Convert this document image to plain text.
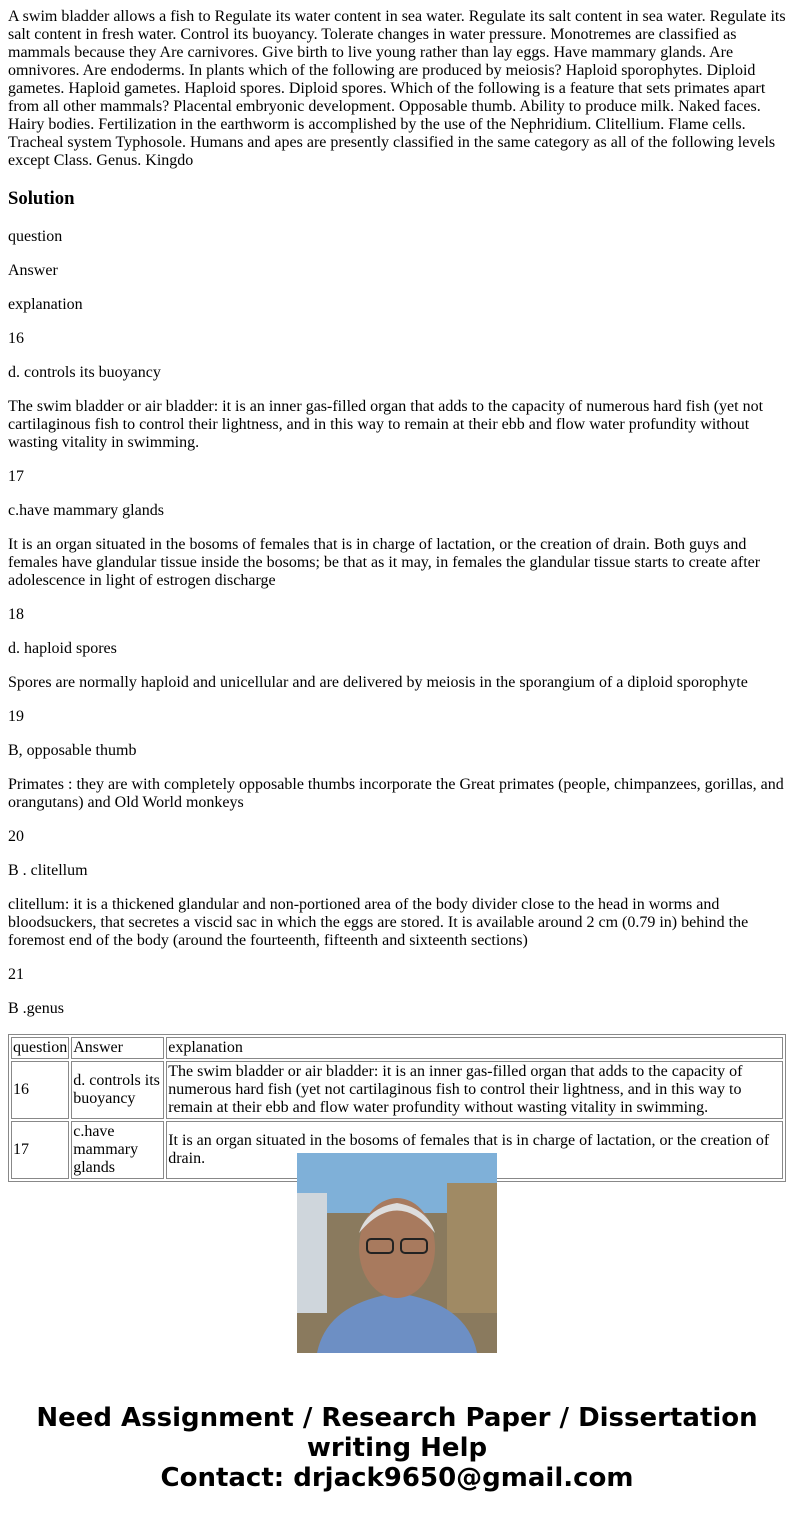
A swim bladder allows a fish to Regulate its water content in sea water. Regulate its salt content in sea water. Regulate its salt content in fresh water. Control its buoyancy. Tolerate changes in water pressure. Monotremes are classified as mammals because they Are carnivores. Give birth to live young rather than lay eggs. Have mammary glands. Are omnivores. Are endoderms. In plants which of the following are produced by meiosis? Haploid sporophytes. Diploid gametes. Haploid gametes. Haploid spores. Diploid spores. Which of the following is a feature that sets primates apart from all other mammals? Placental embryonic development. Opposable thumb. Ability to produce milk. Naked faces. Hairy bodies. Fertilization in the earthworm is accomplished by the use of the Nephridium. Clitellium. Flame cells. Tracheal system Typhosole. Humans and apes are presently classified in the same category as all of the following levels except Class. Genus. Kingdo

Solution

question

Answer

explanation

16

d. controls its buoyancy

The swim bladder or air bladder: it is an inner gas-filled organ that adds to the capacity of numerous hard fish (yet not cartilaginous fish to control their lightness, and in this way to remain at their ebb and flow water profundity without wasting vitality in swimming.

17

c.have mammary glands

It is an organ situated in the bosoms of females that is in charge of lactation, or the creation of drain. Both guys and females have glandular tissue inside the bosoms; be that as it may, in females the glandular tissue starts to create after adolescence in light of estrogen discharge

18

d. haploid spores

Spores are normally haploid and unicellular and are delivered by meiosis in the sporangium of a diploid sporophyte

19

B, opposable thumb

Primates : they are with completely opposable thumbs incorporate the Great primates (people, chimpanzees, gorillas, and orangutans) and Old World monkeys

20

B . clitellum

clitellum: it is a thickened glandular and non-portioned area of the body divider close to the head in worms and bloodsuckers, that secretes a viscid sac in which the eggs are stored. It is available around 2 cm (0.79 in) behind the foremost end of the body (around the fourteenth, fifteenth and sixteenth sections)

21

B .genus

question	Answer	explanation
16	d. controls its buoyancy	The swim bladder or air bladder: it is an inner gas-filled organ that adds to the capacity of numerous hard fish (yet not cartilaginous fish to control their lightness, and in this way to remain at their ebb and flow water profundity without wasting vitality in swimming.
17	c.have mammary glands	It is an organ situated in the bosoms of females that is in charge of lactation, or the creation of drain.
Need Assignment / Research Paper / Dissertation writing Help
Contact: drjack9650@gmail.com
